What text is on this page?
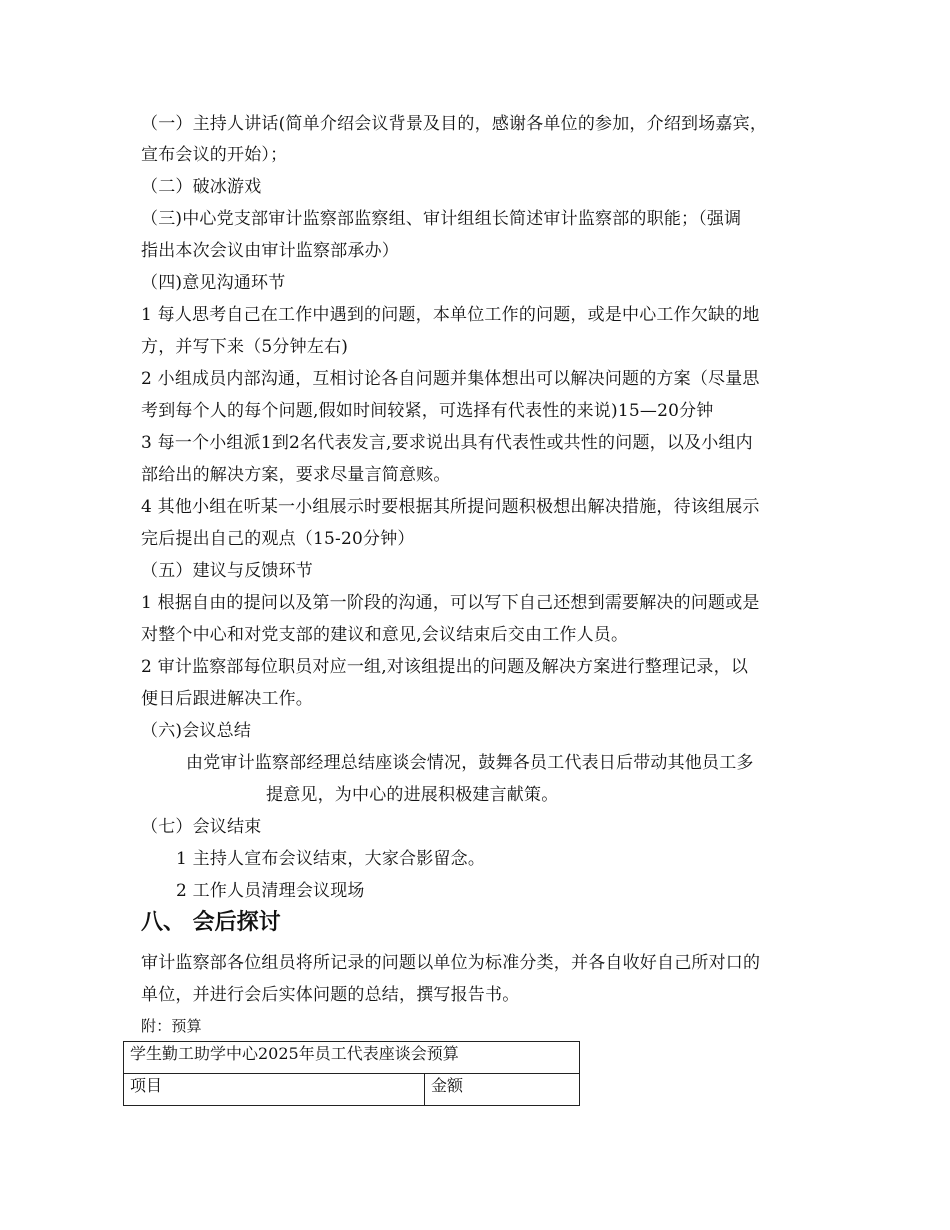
（一）主持人讲话(简单介绍会议背景及目的，感谢各单位的参加，介绍到场嘉宾，
宣布会议的开始）；
（二）破冰游戏
（三)中心党支部审计监察部监察组、审计组组长简述审计监察部的职能；（强调
指出本次会议由审计监察部承办）
（四)意见沟通环节
1 每人思考自己在工作中遇到的问题，本单位工作的问题，或是中心工作欠缺的地
方，并写下来（5分钟左右)
2 小组成员内部沟通，互相讨论各自问题并集体想出可以解决问题的方案（尽量思
考到每个人的每个问题,假如时间较紧，可选择有代表性的来说)15—20分钟
3 每一个小组派1到2名代表发言,要求说出具有代表性或共性的问题，以及小组内
部给出的解决方案，要求尽量言简意赅。
4 其他小组在听某一小组展示时要根据其所提问题积极想出解决措施，待该组展示
完后提出自己的观点（15-20分钟）
（五）建议与反馈环节
1 根据自由的提问以及第一阶段的沟通，可以写下自己还想到需要解决的问题或是
对整个中心和对党支部的建议和意见,会议结束后交由工作人员。
2 审计监察部每位职员对应一组,对该组提出的问题及解决方案进行整理记录，以
便日后跟进解决工作。
（六)会议总结
由党审计监察部经理总结座谈会情况，鼓舞各员工代表日后带动其他员工多
提意见，为中心的进展积极建言献策。
（七）会议结束
1 主持人宣布会议结束，大家合影留念。
2 工作人员清理会议现场
八、 会后探讨
审计监察部各位组员将所记录的问题以单位为标准分类，并各自收好自己所对口的
单位，并进行会后实体问题的总结，撰写报告书。
附：预算
学生勤工助学中心2025年员工代表座谈会预算
项目	金额
